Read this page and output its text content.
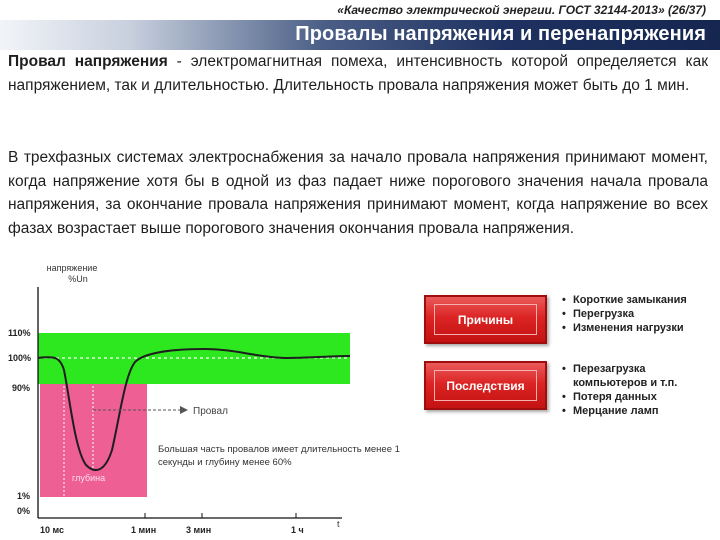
«Качество электрической энергии. ГОСТ 32144-2013» (26/37)
Провалы напряжения и перенапряжения
Провал напряжения - электромагнитная помеха, интенсивность которой определяется как напряжением, так и длительностью. Длительность провала напряжения может быть до 1 мин.
В трехфазных системах электроснабжения за начало провала напряжения принимают момент, когда напряжение хотя бы в одной из фаз падает ниже порогового значения начала провала напряжения, за окончание провала напряжения принимают момент, когда напряжение во всех фазах возрастает выше порогового значения окончания провала напряжения.
напряжение
%Un
110%
100%
90%
1%
0%
10 мс	1 мин	3 мин	1 ч
t
Провал
глубина
Большая часть провалов имеет длительность менее 1
секунды и глубину менее 60%
Причины
• Короткие замыкания
• Перегрузка
• Изменения нагрузки
Последствия
• Перезагрузка компьютеров и т.п.
• Потеря данных
• Мерцание ламп
